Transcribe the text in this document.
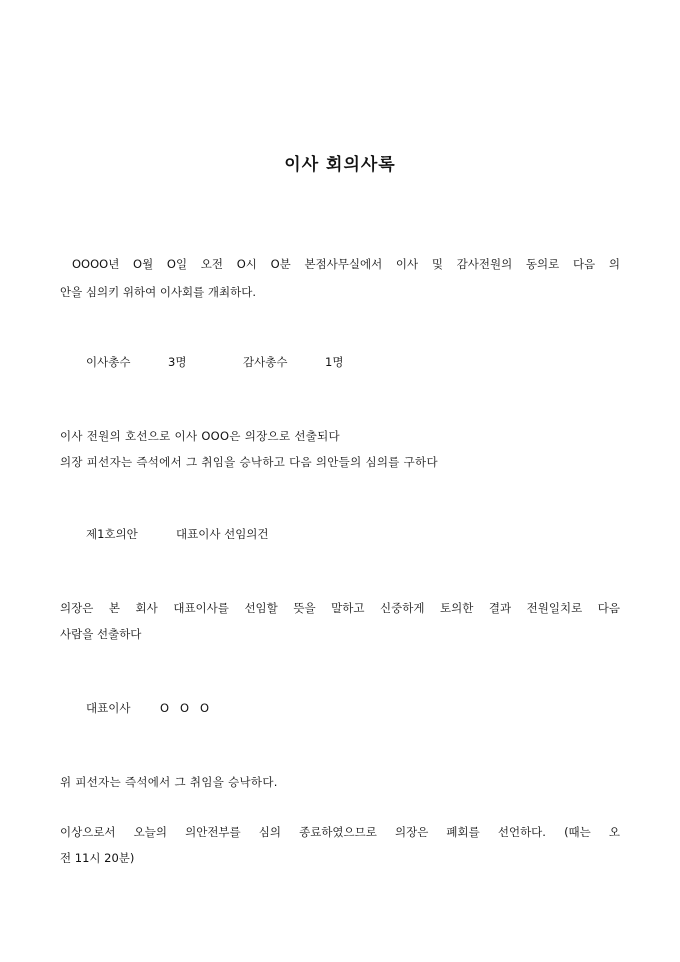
이사 회의사록
OOOO년 O월 O일 오전 O시 O분 본점사무실에서 이사 및 감사전원의 동의로 다음 의
안을 심의키 위하여 이사회를 개최하다.
이사총수	3명	감사총수	1명
이사 전원의 호선으로 이사 OOO은 의장으로 선출되다
의장 피선자는 즉석에서 그 취임을 승낙하고 다음 의안들의 심의를 구하다
제1호의안	대표이사 선임의건
의장은 본 회사 대표이사를 선임할 뜻을 말하고 신중하게 토의한 결과 전원일치로 다음
사람을 선출하다
대표이사	O   O   O
위 피선자는 즉석에서 그 취임을 승낙하다.
이상으로서 오늘의 의안전부를 심의 종료하였으므로 의장은 폐회를 선언하다. (때는 오
전 11시 20분)
